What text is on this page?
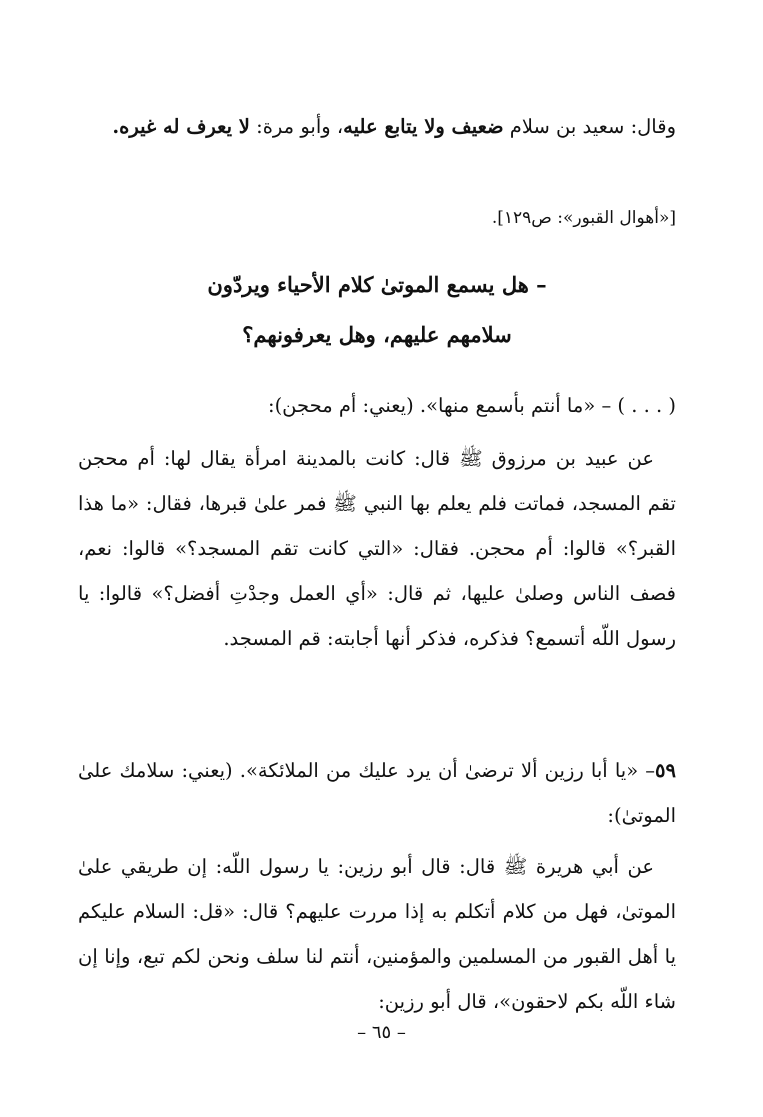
وقال: سعيد بن سلام ضعيف ولا يتابع عليه، وأبو مرة: لا يعرف له غيره.

[«أهوال القبور»: ص١٢٩].

– هل يسمع الموتىٰ كلام الأحياء ويردّون
سلامهم عليهم، وهل يعرفونهم؟

( . . . ) – «ما أنتم بأسمع منها». (يعني: أم محجن):

عن عبيد بن مرزوق ﷺ قال: كانت بالمدينة امرأة يقال لها: أم محجن تقم المسجد، فماتت فلم يعلم بها النبي ﷺ فمر علىٰ قبرها، فقال: «ما هذا القبر؟» قالوا: أم محجن. فقال: «التي كانت تقم المسجد؟» قالوا: نعم، فصف الناس وصلىٰ عليها، ثم قال: «أي العمل وجدْتِ أفضل؟» قالوا: يا رسول اللّه أتسمع؟ فذكره، فذكر أنها أجابته: قم المسجد.

٥٩– «يا أبا رزين ألا ترضىٰ أن يرد عليك من الملائكة». (يعني: سلامك علىٰ الموتىٰ):

عن أبي هريرة ﷺ قال: قال أبو رزين: يا رسول اللّه: إن طريقي علىٰ الموتىٰ، فهل من كلام أتكلم به إذا مررت عليهم؟ قال: «قل: السلام عليكم يا أهل القبور من المسلمين والمؤمنين، أنتم لنا سلف ونحن لكم تبع، وإنا إن شاء اللّه بكم لاحقون»، قال أبو رزين:

– ٦٥ –
